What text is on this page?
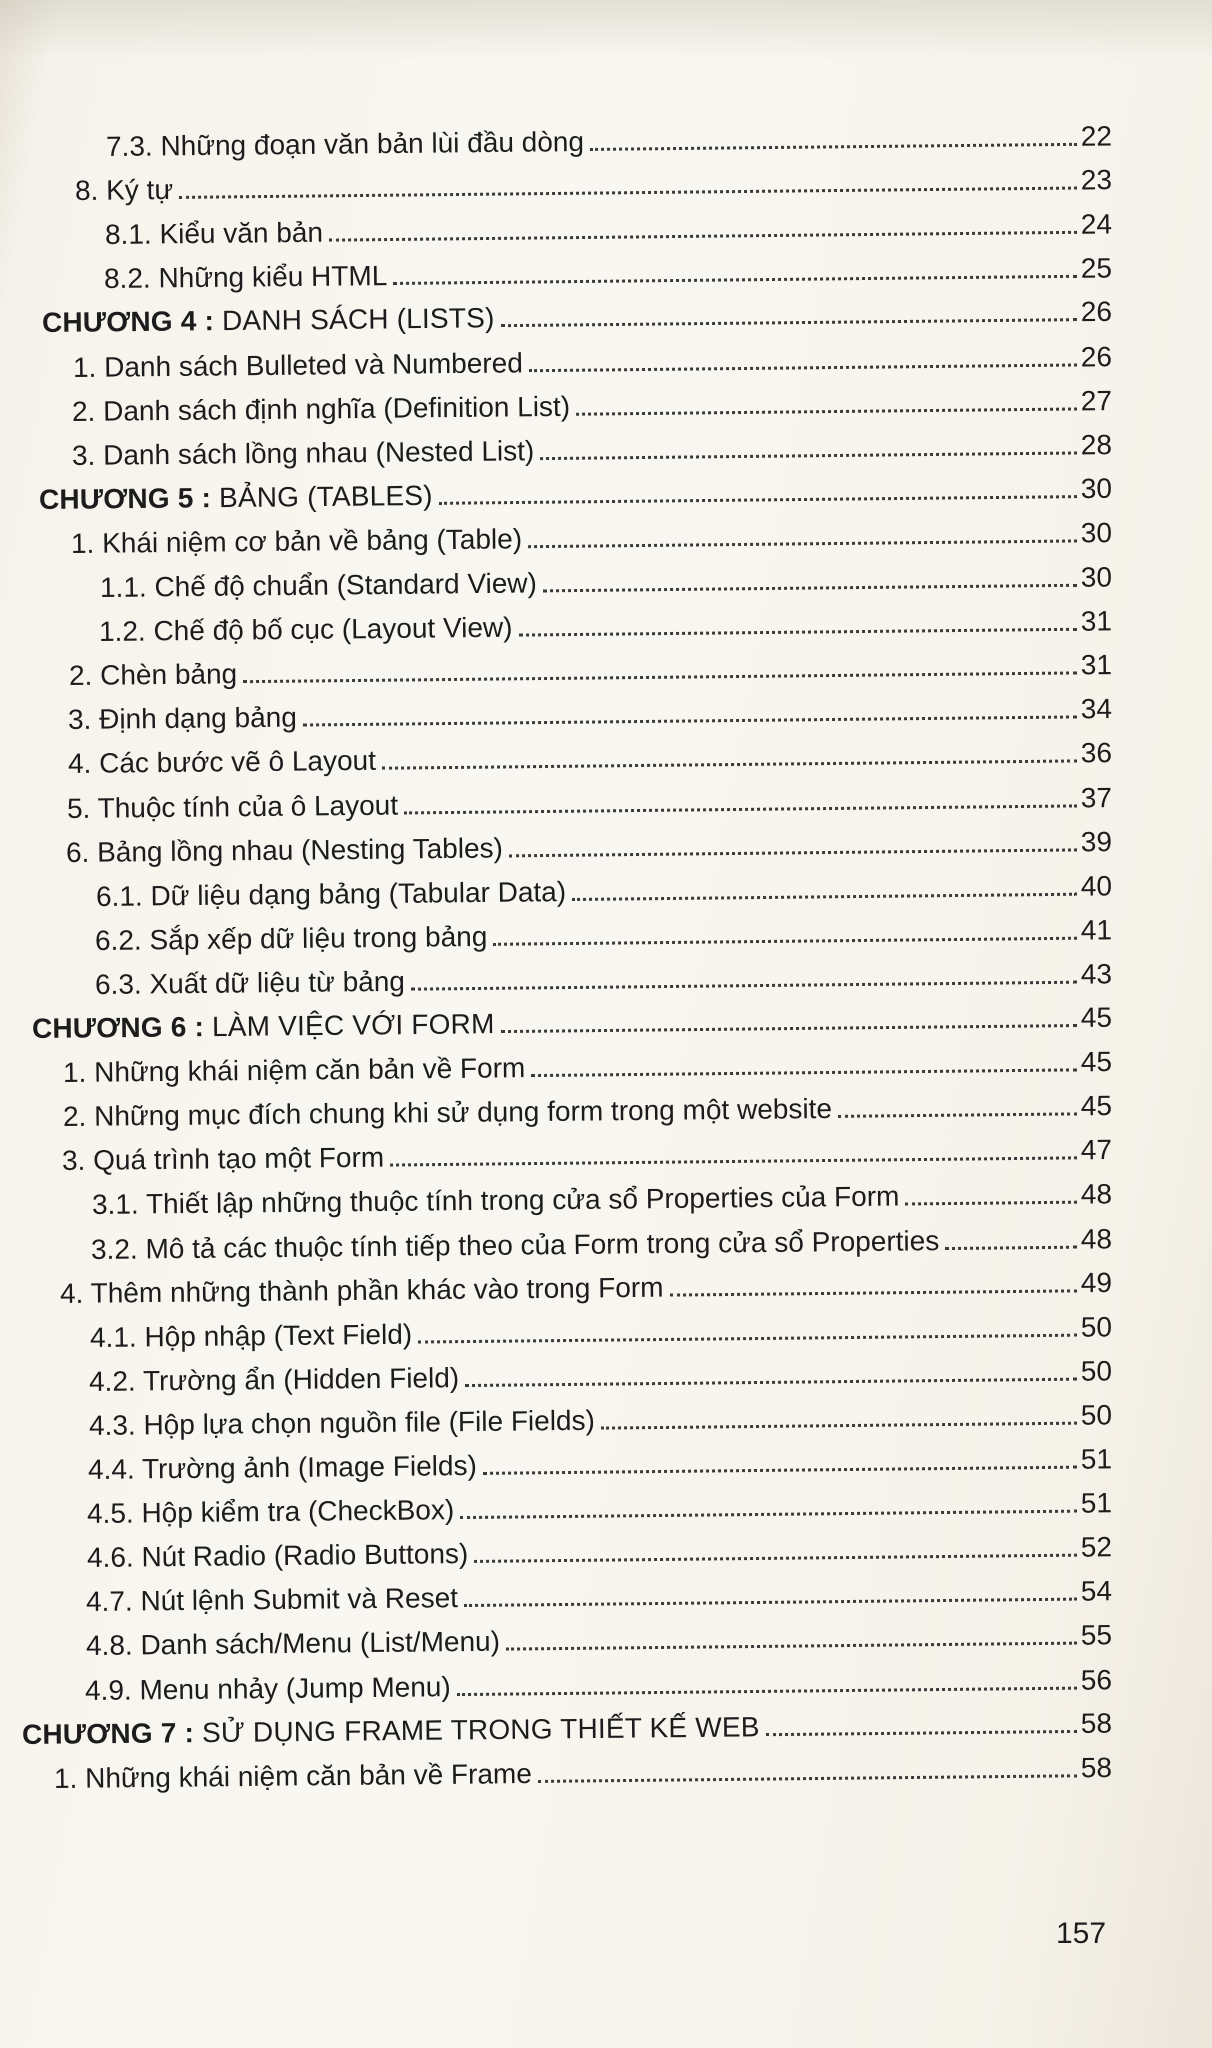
7.3. Những đoạn văn bản lùi đầu dòng	22
8. Ký tự	23
8.1. Kiểu văn bản	24
8.2. Những kiểu HTML	25
CHƯƠNG 4 : DANH SÁCH (LISTS)	26
1. Danh sách Bulleted và Numbered	26
2. Danh sách định nghĩa (Definition List)	27
3. Danh sách lồng nhau (Nested List)	28
CHƯƠNG 5 : BẢNG (TABLES)	30
1. Khái niệm cơ bản về bảng (Table)	30
1.1. Chế độ chuẩn (Standard View)	30
1.2. Chế độ bố cục (Layout View)	31
2. Chèn bảng	31
3. Định dạng bảng	34
4. Các bước vẽ ô Layout	36
5. Thuộc tính của ô Layout	37
6. Bảng lồng nhau (Nesting Tables)	39
6.1. Dữ liệu dạng bảng (Tabular Data)	40
6.2. Sắp xếp dữ liệu trong bảng	41
6.3. Xuất dữ liệu từ bảng	43
CHƯƠNG 6 : LÀM VIỆC VỚI FORM	45
1. Những khái niệm căn bản về Form	45
2. Những mục đích chung khi sử dụng form trong một website	45
3. Quá trình tạo một Form	47
3.1. Thiết lập những thuộc tính trong cửa sổ Properties của Form	48
3.2. Mô tả các thuộc tính tiếp theo của Form trong cửa sổ Properties	48
4. Thêm những thành phần khác vào trong Form	49
4.1. Hộp nhập (Text Field)	50
4.2. Trường ẩn (Hidden Field)	50
4.3. Hộp lựa chọn nguồn file (File Fields)	50
4.4. Trường ảnh (Image Fields)	51
4.5. Hộp kiểm tra (CheckBox)	51
4.6. Nút Radio (Radio Buttons)	52
4.7. Nút lệnh Submit và Reset	54
4.8. Danh sách/Menu (List/Menu)	55
4.9. Menu nhảy (Jump Menu)	56
CHƯƠNG 7 : SỬ DỤNG FRAME TRONG THIẾT KẾ WEB	58
1. Những khái niệm căn bản về Frame	58
157
